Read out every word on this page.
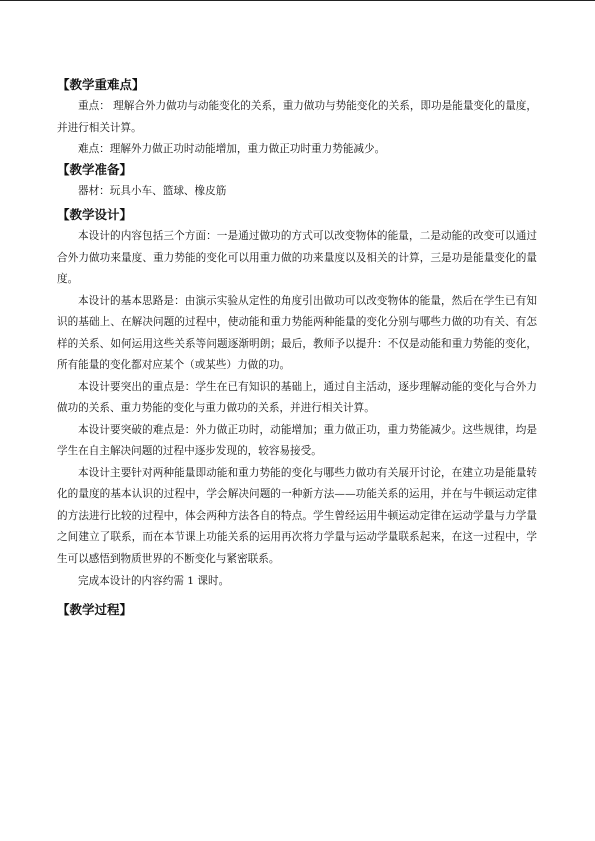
【教学重难点】

重点： 理解合外力做功与动能变化的关系，重力做功与势能变化的关系，即功是能量变化的量度，并进行相关计算。

难点：理解外力做正功时动能增加，重力做正功时重力势能减少。

【教学准备】

器材：玩具小车、篮球、橡皮筋

【教学设计】

本设计的内容包括三个方面：一是通过做功的方式可以改变物体的能量，二是动能的改变可以通过合外力做功来量度、重力势能的变化可以用重力做的功来量度以及相关的计算，三是功是能量变化的量度。

本设计的基本思路是：由演示实验从定性的角度引出做功可以改变物体的能量，然后在学生已有知识的基础上、在解决问题的过程中，使动能和重力势能两种能量的变化分别与哪些力做的功有关、有怎样的关系、如何运用这些关系等问题逐渐明朗；最后，教师予以提升：不仅是动能和重力势能的变化，所有能量的变化都对应某个（或某些）力做的功。

本设计要突出的重点是：学生在已有知识的基础上，通过自主活动，逐步理解动能的变化与合外力做功的关系、重力势能的变化与重力做功的关系，并进行相关计算。

本设计要突破的难点是：外力做正功时，动能增加；重力做正功，重力势能减少。这些规律，均是学生在自主解决问题的过程中逐步发现的，较容易接受。

本设计主要针对两种能量即动能和重力势能的变化与哪些力做功有关展开讨论，在建立功是能量转化的量度的基本认识的过程中，学会解决问题的一种新方法——功能关系的运用，并在与牛顿运动定律的方法进行比较的过程中，体会两种方法各自的特点。学生曾经运用牛顿运动定律在运动学量与力学量之间建立了联系，而在本节课上功能关系的运用再次将力学量与运动学量联系起来，在这一过程中，学生可以感悟到物质世界的不断变化与紧密联系。

完成本设计的内容约需 1 课时。

【教学过程】
